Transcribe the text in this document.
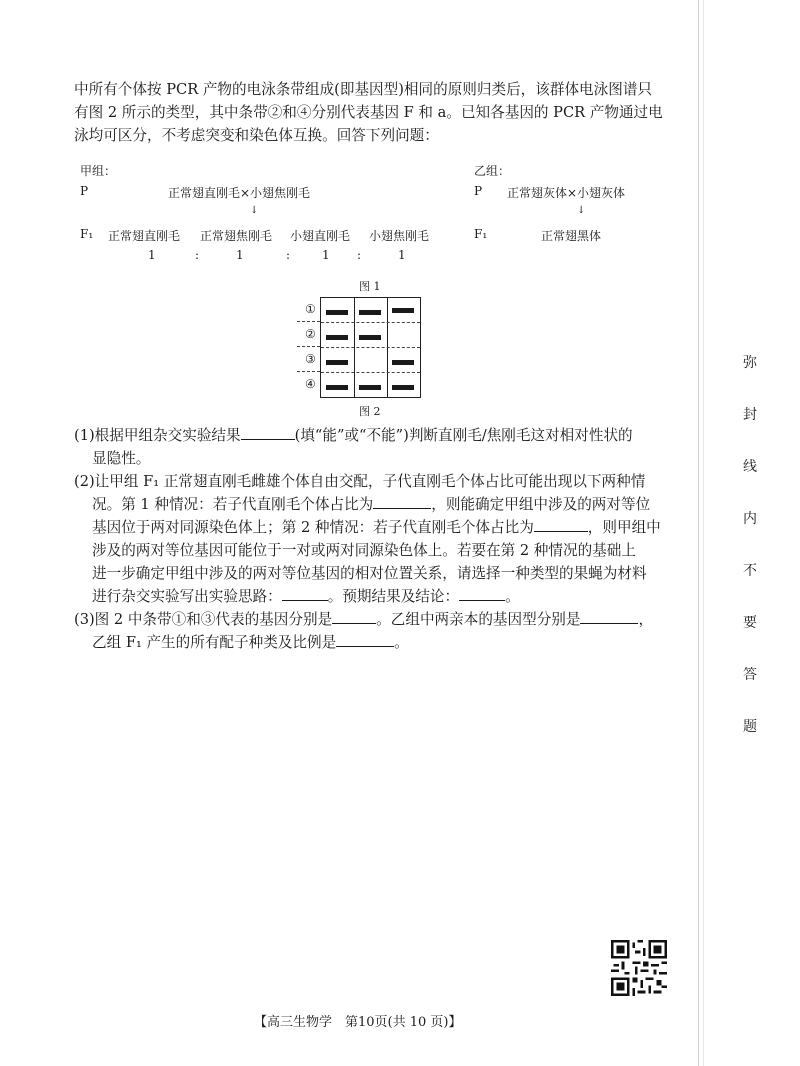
弥
封
线
内
不
要
答
题

中所有个体按 PCR 产物的电泳条带组成(即基因型)相同的原则归类后，该群体电泳图谱只

有图 2 所示的类型，其中条带②和④分别代表基因 F 和 a。已知各基因的 PCR 产物通过电

泳均可区分，不考虑突变和染色体互换。回答下列问题：

甲组：
P	正常翅直刚毛×小翅焦刚毛
↓
F₁ 正常翅直刚毛 正常翅焦刚毛 小翅直刚毛 小翅焦刚毛
1	:	1	:	1 :	1
乙组：
P 正常翅灰体×小翅灰体
↓
F₁	正常翅黑体
图 1
①
②
③
④
图 2

(1)根据甲组杂交实验结果	(填“能”或“不能”)判断直刚毛/焦刚毛这对相对性状的

显隐性。

(2)让甲组 F₁ 正常翅直刚毛雌雄个体自由交配，子代直刚毛个体占比可能出现以下两种情

况。第 1 种情况：若子代直刚毛个体占比为	，则能确定甲组中涉及的两对等位

基因位于两对同源染色体上；第 2 种情况：若子代直刚毛个体占比为	，则甲组中

涉及的两对等位基因可能位于一对或两对同源染色体上。若要在第 2 种情况的基础上

进一步确定甲组中涉及的两对等位基因的相对位置关系，请选择一种类型的果蝇为材料

进行杂交实验写出实验思路：	。预期结果及结论：	。

(3)图 2 中条带①和③代表的基因分别是	。乙组中两亲本的基因型分别是	，

乙组 F₁ 产生的所有配子种类及比例是	。

【高三生物学　第10页(共 10 页)】
